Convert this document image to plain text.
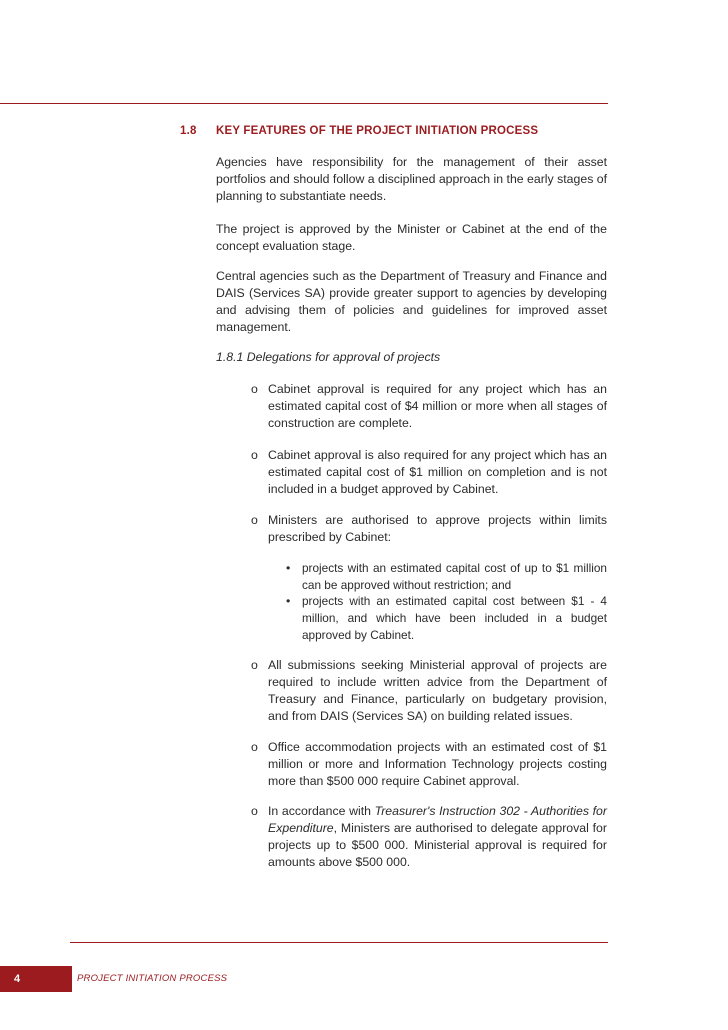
1.8 KEY FEATURES OF THE PROJECT INITIATION PROCESS

Agencies have responsibility for the management of their asset portfolios and should follow a disciplined approach in the early stages of planning to substantiate needs.

The project is approved by the Minister or Cabinet at the end of the concept evaluation stage.

Central agencies such as the Department of Treasury and Finance and DAIS (Services SA) provide greater support to agencies by developing and advising them of policies and guidelines for improved asset management.

1.8.1 Delegations for approval of projects

o Cabinet approval is required for any project which has an estimated capital cost of $4 million or more when all stages of construction are complete.

o Cabinet approval is also required for any project which has an estimated capital cost of $1 million on completion and is not included in a budget approved by Cabinet.

o Ministers are authorised to approve projects within limits prescribed by Cabinet:

• projects with an estimated capital cost of up to $1 million can be approved without restriction; and

• projects with an estimated capital cost between $1 - 4 million, and which have been included in a budget approved by Cabinet.

o All submissions seeking Ministerial approval of projects are required to include written advice from the Department of Treasury and Finance, particularly on budgetary provision, and from DAIS (Services SA) on building related issues.

o Office accommodation projects with an estimated cost of $1 million or more and Information Technology projects costing more than $500 000 require Cabinet approval.

o In accordance with Treasurer's Instruction 302 - Authorities for Expenditure, Ministers are authorised to delegate approval for projects up to $500 000. Ministerial approval is required for amounts above $500 000.

4	PROJECT INITIATION PROCESS
